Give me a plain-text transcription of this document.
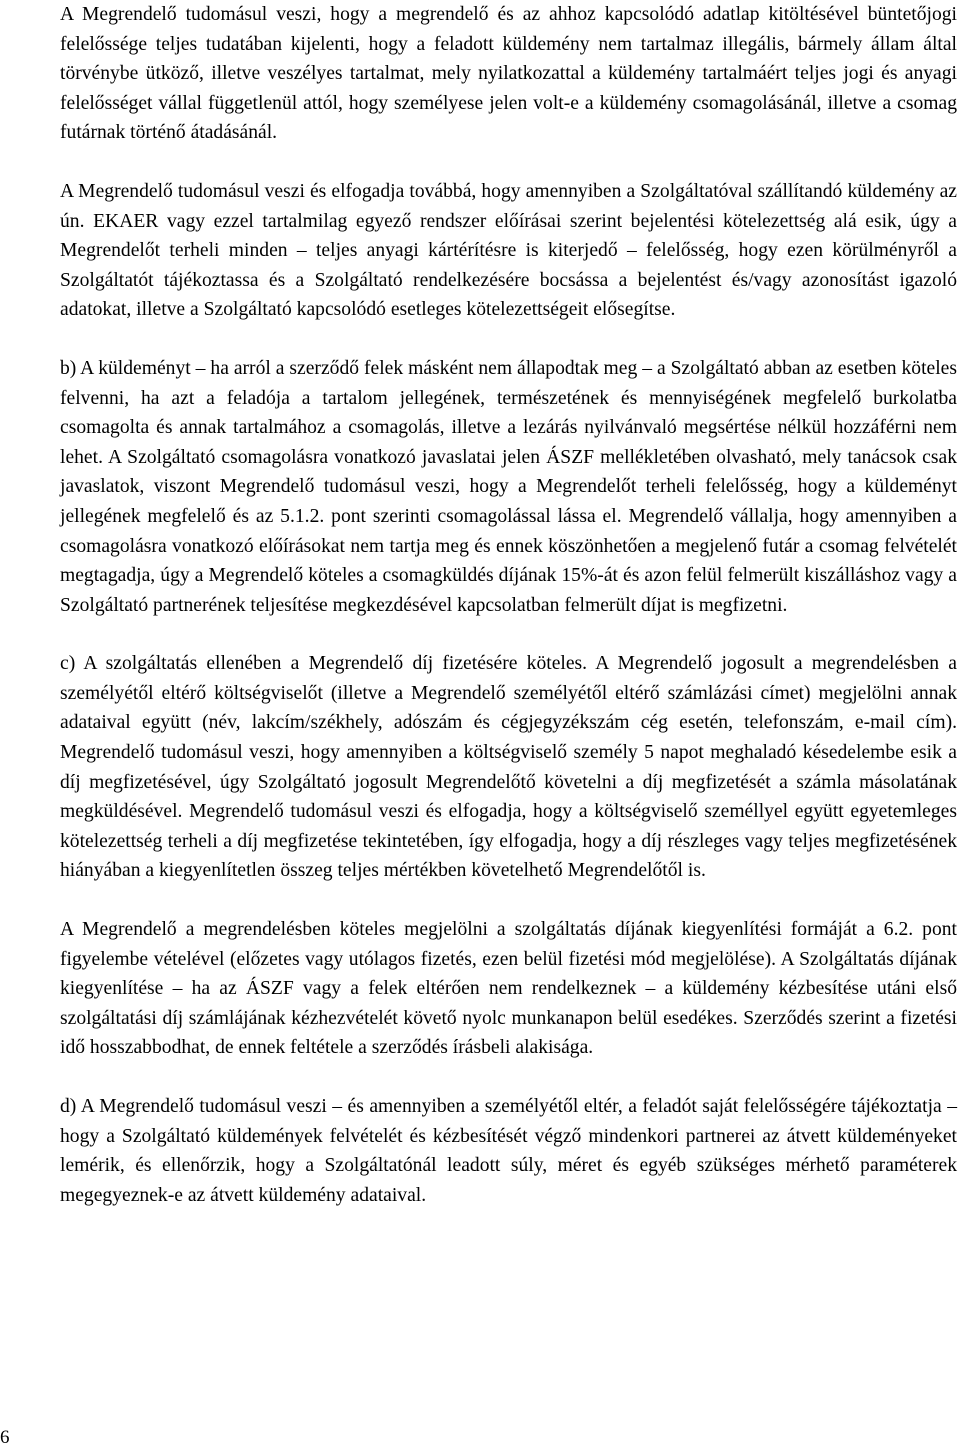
A Megrendelő tudomásul veszi, hogy a megrendelő és az ahhoz kapcsolódó adatlap kitöltésével büntetőjogi felelőssége teljes tudatában kijelenti, hogy a feladott küldemény nem tartalmaz illegális, bármely állam által törvénybe ütköző, illetve veszélyes tartalmat, mely nyilatkozattal a küldemény tartalmáért teljes jogi és anyagi felelősséget vállal függetlenül attól, hogy személyese jelen volt-e a küldemény csomagolásánál, illetve a csomag futárnak történő átadásánál.

A Megrendelő tudomásul veszi és elfogadja továbbá, hogy amennyiben a Szolgáltatóval szállítandó küldemény az ún. EKAER vagy ezzel tartalmilag egyező rendszer előírásai szerint bejelentési kötelezettség alá esik, úgy a Megrendelőt terheli minden – teljes anyagi kártérítésre is kiterjedő – felelősség, hogy ezen körülményről a Szolgáltatót tájékoztassa és a Szolgáltató rendelkezésére bocsássa a bejelentést és/vagy azonosítást igazoló adatokat, illetve a Szolgáltató kapcsolódó esetleges kötelezettségeit elősegítse.

b) A küldeményt – ha arról a szerződő felek másként nem állapodtak meg – a Szolgáltató abban az esetben köteles felvenni, ha azt a feladója a tartalom jellegének, természetének és mennyiségének megfelelő burkolatba csomagolta és annak tartalmához a csomagolás, illetve a lezárás nyilvánvaló megsértése nélkül hozzáférni nem lehet. A Szolgáltató csomagolásra vonatkozó javaslatai jelen ÁSZF mellékletében olvasható, mely tanácsok csak javaslatok, viszont Megrendelő tudomásul veszi, hogy a Megrendelőt terheli felelősség, hogy a küldeményt jellegének megfelelő és az 5.1.2. pont szerinti csomagolással lássa el. Megrendelő vállalja, hogy amennyiben a csomagolásra vonatkozó előírásokat nem tartja meg és ennek köszönhetően a megjelenő futár a csomag felvételét megtagadja, úgy a Megrendelő köteles a csomagküldés díjának 15%-át és azon felül felmerült kiszálláshoz vagy a Szolgáltató partnerének teljesítése megkezdésével kapcsolatban felmerült díjat is megfizetni.

c) A szolgáltatás ellenében a Megrendelő díj fizetésére köteles. A Megrendelő jogosult a megrendelésben a személyétől eltérő költségviselőt (illetve a Megrendelő személyétől eltérő számlázási címet) megjelölni annak adataival együtt (név, lakcím/székhely, adószám és cégjegyzékszám cég esetén, telefonszám, e-mail cím). Megrendelő tudomásul veszi, hogy amennyiben a költségviselő személy 5 napot meghaladó késedelembe esik a díj megfizetésével, úgy Szolgáltató jogosult Megrendelőtő követelni a díj megfizetését a számla másolatának megküldésével. Megrendelő tudomásul veszi és elfogadja, hogy a költségviselő személlyel együtt egyetemleges kötelezettség terheli a díj megfizetése tekintetében, így elfogadja, hogy a díj részleges vagy teljes megfizetésének hiányában a kiegyenlítetlen összeg teljes mértékben követelhető Megrendelőtől is.

A Megrendelő a megrendelésben köteles megjelölni a szolgáltatás díjának kiegyenlítési formáját a 6.2. pont figyelembe vételével (előzetes vagy utólagos fizetés, ezen belül fizetési mód megjelölése). A Szolgáltatás díjának kiegyenlítése – ha az ÁSZF vagy a felek eltérően nem rendelkeznek – a küldemény kézbesítése utáni első szolgáltatási díj számlájának kézhezvételét követő nyolc munkanapon belül esedékes. Szerződés szerint a fizetési idő hosszabbodhat, de ennek feltétele a szerződés írásbeli alakisága.

d) A Megrendelő tudomásul veszi – és amennyiben a személyétől eltér, a feladót saját felelősségére tájékoztatja – hogy a Szolgáltató küldemények felvételét és kézbesítését végző mindenkori partnerei az átvett küldeményeket lemérik, és ellenőrzik, hogy a Szolgáltatónál leadott súly, méret és egyéb szükséges mérhető paraméterek megegyeznek-e az átvett küldemény adataival.

6
